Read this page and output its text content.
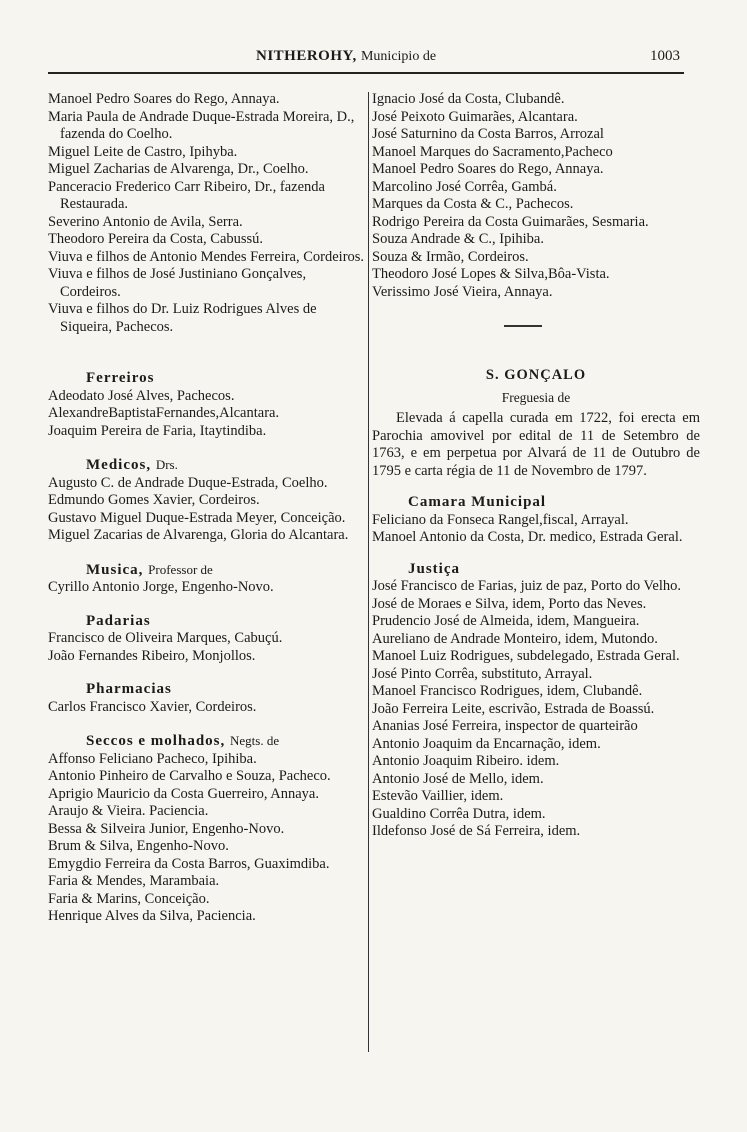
NITHEROHY, Municipio de	1003
Manoel Pedro Soares do Rego, Annaya.
Maria Paula de Andrade Duque-Estrada Moreira, D., fazenda do Coelho.
Miguel Leite de Castro, Ipihyba.
Miguel Zacharias de Alvarenga, Dr., Coelho.
Panceracio Frederico Carr Ribeiro, Dr., fazenda Restaurada.
Severino Antonio de Avila, Serra.
Theodoro Pereira da Costa, Cabussú.
Viuva e filhos de Antonio Mendes Ferreira, Cordeiros.
Viuva e filhos de José Justiniano Gonçalves, Cordeiros.
Viuva e filhos do Dr. Luiz Rodrigues Alves de Siqueira, Pachecos.
Ferreiros
Adeodato José Alves, Pachecos.
AlexandreBaptistaFernandes,Alcantara.
Joaquim Pereira de Faria, Itaytindiba.
Medicos, Drs.
Augusto C. de Andrade Duque-Estrada, Coelho.
Edmundo Gomes Xavier, Cordeiros.
Gustavo Miguel Duque-Estrada Meyer, Conceição.
Miguel Zacarias de Alvarenga, Gloria do Alcantara.
Musica, Professor de
Cyrillo Antonio Jorge, Engenho-Novo.
Padarias
Francisco de Oliveira Marques, Cabuçú.
João Fernandes Ribeiro, Monjollos.
Pharmacias
Carlos Francisco Xavier, Cordeiros.
Seccos e molhados, Negts. de
Affonso Feliciano Pacheco, Ipihiba.
Antonio Pinheiro de Carvalho e Souza, Pacheco.
Aprigio Mauricio da Costa Guerreiro, Annaya.
Araujo & Vieira. Paciencia.
Bessa & Silveira Junior, Engenho-Novo.
Brum & Silva, Engenho-Novo.
Emygdio Ferreira da Costa Barros, Guaximdiba.
Faria & Mendes, Marambaia.
Faria & Marins, Conceição.
Henrique Alves da Silva, Paciencia.
Ignacio José da Costa, Clubandê.
José Peixoto Guimarães, Alcantara.
José Saturnino da Costa Barros, Arrozal
Manoel Marques do Sacramento,Pacheco
Manoel Pedro Soares do Rego, Annaya.
Marcolino José Corrêa, Gambá.
Marques da Costa & C., Pachecos.
Rodrigo Pereira da Costa Guimarães, Sesmaria.
Souza Andrade & C., Ipihiba.
Souza & Irmão, Cordeiros.
Theodoro José Lopes & Silva,Bôa-Vista.
Verissimo José Vieira, Annaya.
S. GONÇALO
Freguesia de
Elevada á capella curada em 1722, foi erecta em Parochia amovivel por edital de 11 de Setembro de 1763, e em perpetua por Alvará de 11 de Outubro de 1795 e carta régia de 11 de Novembro de 1797.
Camara Municipal
Feliciano da Fonseca Rangel,fiscal, Arrayal.
Manoel Antonio da Costa, Dr. medico, Estrada Geral.
Justiça
José Francisco de Farias, juiz de paz, Porto do Velho.
José de Moraes e Silva, idem, Porto das Neves.
Prudencio José de Almeida, idem, Mangueira.
Aureliano de Andrade Monteiro, idem, Mutondo.
Manoel Luiz Rodrigues, subdelegado, Estrada Geral.
José Pinto Corrêa, substituto, Arrayal.
Manoel Francisco Rodrigues, idem, Clubandê.
João Ferreira Leite, escrivão, Estrada de Boassú.
Ananias José Ferreira, inspector de quarteirão
Antonio Joaquim da Encarnação, idem.
Antonio Joaquim Ribeiro. idem.
Antonio José de Mello, idem.
Estevão Vaillier, idem.
Gualdino Corrêa Dutra, idem.
Ildefonso José de Sá Ferreira, idem.
